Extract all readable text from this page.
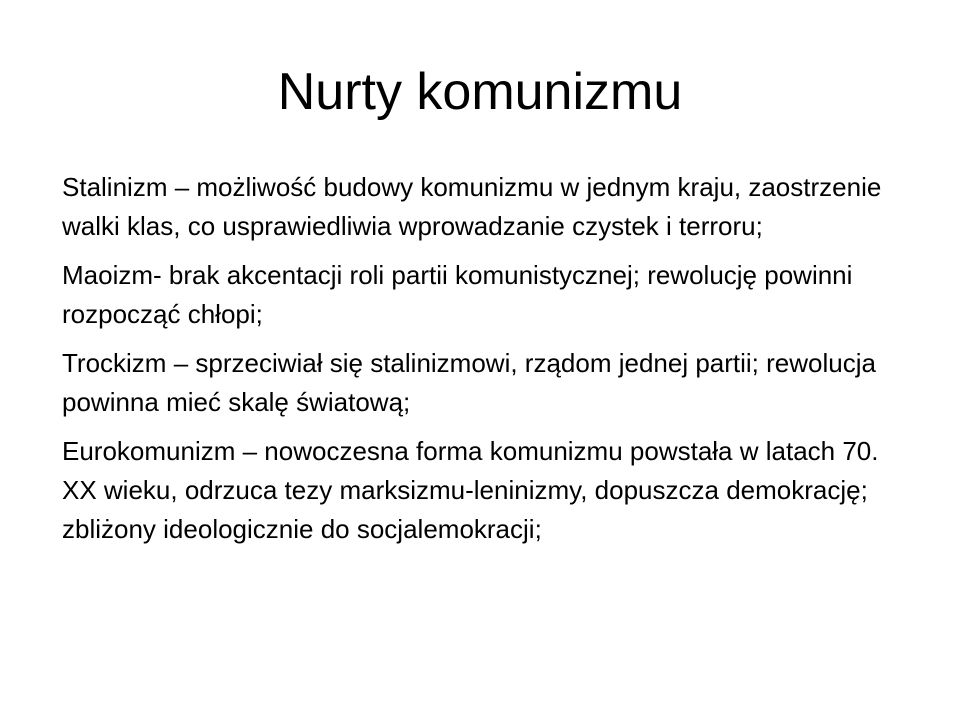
Nurty komunizmu
Stalinizm – możliwość budowy komunizmu w jednym kraju, zaostrzenie walki klas, co usprawiedliwia wprowadzanie czystek i terroru;
Maoizm- brak akcentacji roli partii komunistycznej; rewolucję powinni rozpocząć chłopi;
Trockizm – sprzeciwiał się stalinizmowi, rządom jednej partii; rewolucja powinna mieć skalę światową;
Eurokomunizm – nowoczesna forma komunizmu powstała w latach 70. XX wieku, odrzuca tezy marksizmu-leninizmy, dopuszcza demokrację; zbliżony ideologicznie do socjalemokracji;
